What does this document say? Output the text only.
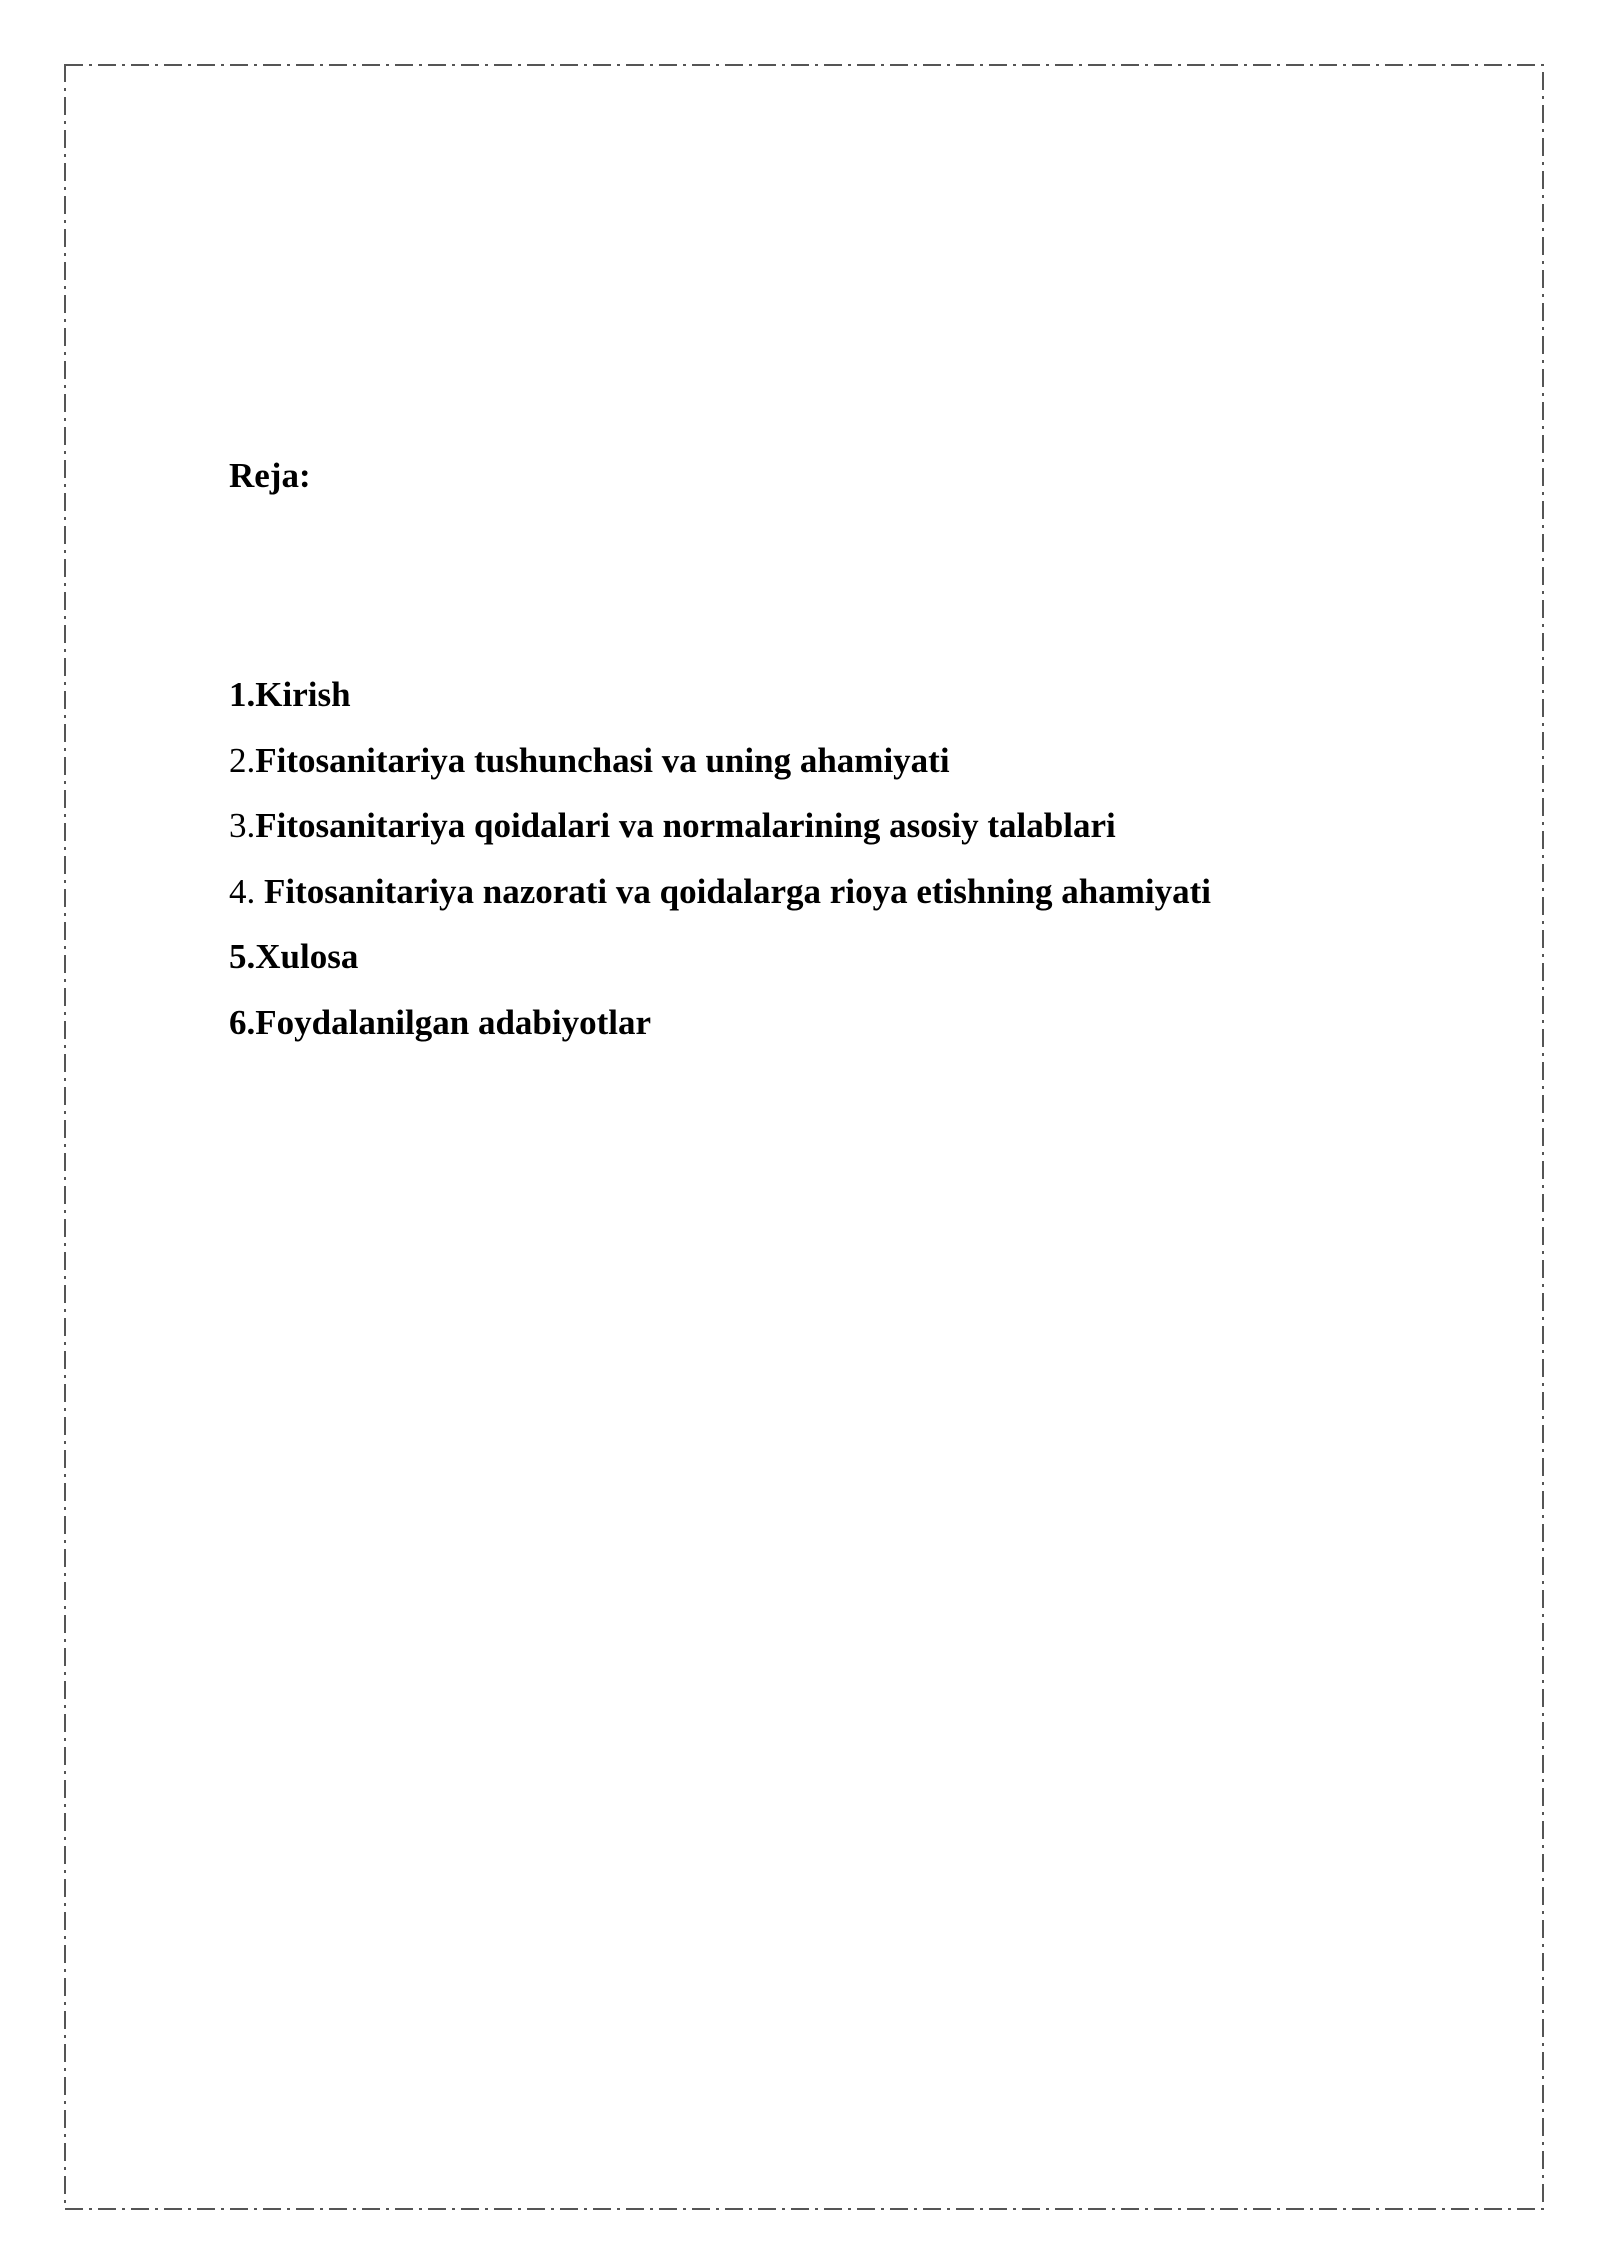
Reja:
1.Kirish
2.Fitosanitariya tushunchasi va uning ahamiyati
3.Fitosanitariya qoidalari va normalarining asosiy talablari
4. Fitosanitariya nazorati va qoidalarga rioya etishning ahamiyati
5.Xulosa
6.Foydalanilgan adabiyotlar
